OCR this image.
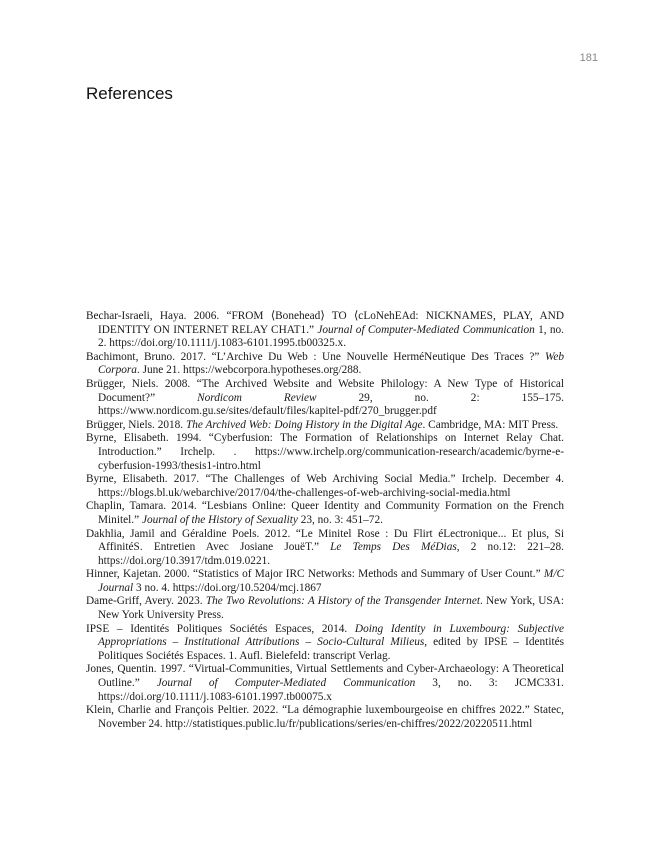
181
References
Bechar-Israeli, Haya. 2006. “FROM ⟨Bonehead⟩ TO ⟨cLoNehEAd: NICKNAMES, PLAY, AND IDENTITY ON INTERNET RELAY CHAT1.” Journal of Computer-Mediated Communication 1, no. 2. https://doi.org/10.1111/j.1083-6101.1995.tb00325.x.
Bachimont, Bruno. 2017. “L’Archive Du Web : Une Nouvelle HerméNeutique Des Traces ?” Web Corpora. June 21. https://webcorpora.hypotheses.org/288.
Brügger, Niels. 2008. “The Archived Website and Website Philology: A New Type of Historical Document?” Nordicom Review 29, no. 2: 155–175. https://www.nordicom.gu.se/sites/default/files/kapitel-pdf/270_brugger.pdf
Brügger, Niels. 2018. The Archived Web: Doing History in the Digital Age. Cambridge, MA: MIT Press.
Byrne, Elisabeth. 1994. “Cyberfusion: The Formation of Relationships on Internet Relay Chat. Introduction.” Irchelp. . https://www.irchelp.org/communication-research/academic/byrne-e-cyberfusion-1993/thesis1-intro.html
Byrne, Elisabeth. 2017. “The Challenges of Web Archiving Social Media.” Irchelp. December 4. https://blogs.bl.uk/webarchive/2017/04/the-challenges-of-web-archiving-social-media.html
Chaplin, Tamara. 2014. “Lesbians Online: Queer Identity and Community Formation on the French Minitel.” Journal of the History of Sexuality 23, no. 3: 451–72.
Dakhlia, Jamil and Géraldine Poels. 2012. “Le Minitel Rose : Du Flirt éLectronique... Et plus, Si AffinitéS. Entretien Avec Josiane JouëT.” Le Temps Des MéDias, 2 no.12: 221–28. https://doi.org/10.3917/tdm.019.0221.
Hinner, Kajetan. 2000. “Statistics of Major IRC Networks: Methods and Summary of User Count.” M/C Journal 3 no. 4. https://doi.org/10.5204/mcj.1867
Dame-Griff, Avery. 2023. The Two Revolutions: A History of the Transgender Internet. New York, USA: New York University Press.
IPSE – Identités Politiques Sociétés Espaces, 2014. Doing Identity in Luxembourg: Subjective Appropriations – Institutional Attributions – Socio-Cultural Milieus, edited by IPSE – Identités Politiques Sociétés Espaces. 1. Aufl. Bielefeld: transcript Verlag.
Jones, Quentin. 1997. “Virtual-Communities, Virtual Settlements and Cyber-Archaeology: A Theoretical Outline.” Journal of Computer-Mediated Communication 3, no. 3: JCMC331. https://doi.org/10.1111/j.1083-6101.1997.tb00075.x
Klein, Charlie and François Peltier. 2022. “La démographie luxembourgeoise en chiffres 2022.” Statec, November 24. http://statistiques.public.lu/fr/publications/series/en-chiffres/2022/20220511.html
